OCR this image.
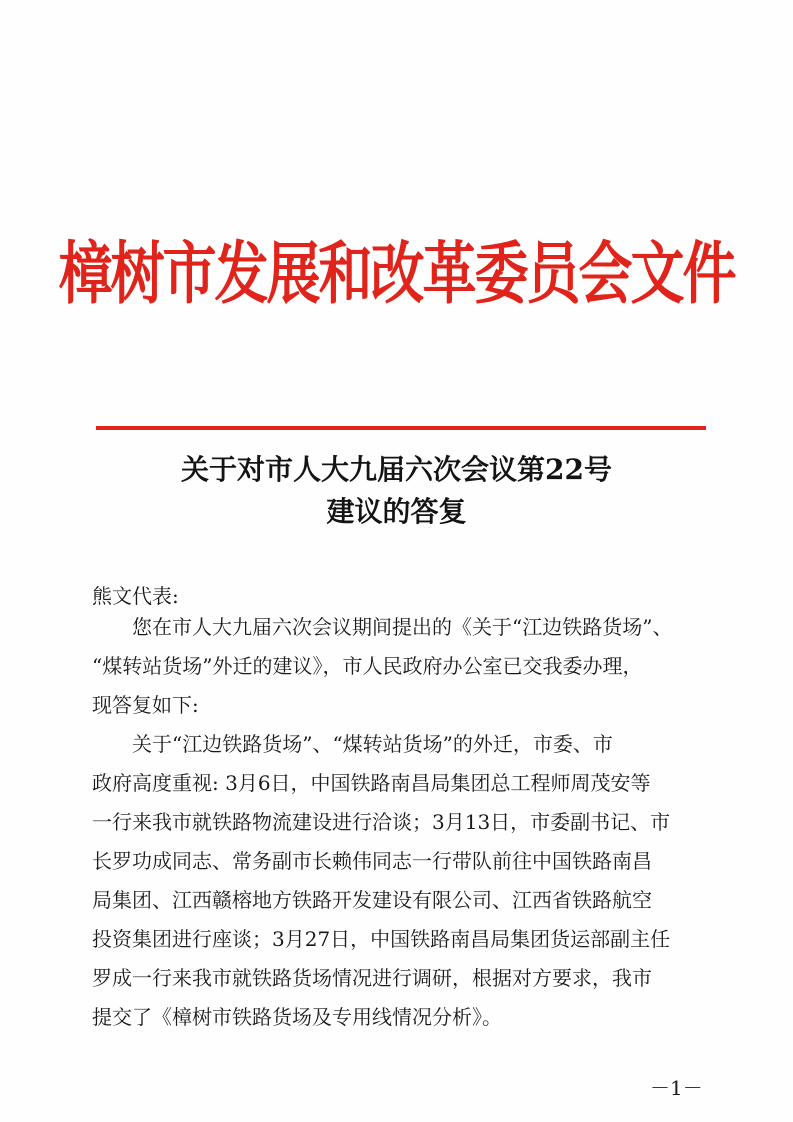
樟树市发展和改革委员会文件
关于对市人大九届六次会议第22号
建议的答复
熊文代表:
　　您在市人大九届六次会议期间提出的《关于“江边铁路货场”、
“煤转站货场”外迁的建议》，市人民政府办公室已交我委办理，
现答复如下:
　　关于“江边铁路货场”、“煤转站货场”的外迁，市委、市
政府高度重视: 3月6日，中国铁路南昌局集团总工程师周茂安等
一行来我市就铁路物流建设进行洽谈；3月13日，市委副书记、市
长罗功成同志、常务副市长赖伟同志一行带队前往中国铁路南昌
局集团、江西赣榕地方铁路开发建设有限公司、江西省铁路航空
投资集团进行座谈；3月27日，中国铁路南昌局集团货运部副主任
罗成一行来我市就铁路货场情况进行调研，根据对方要求，我市
提交了《樟树市铁路货场及专用线情况分析》。
－1－
